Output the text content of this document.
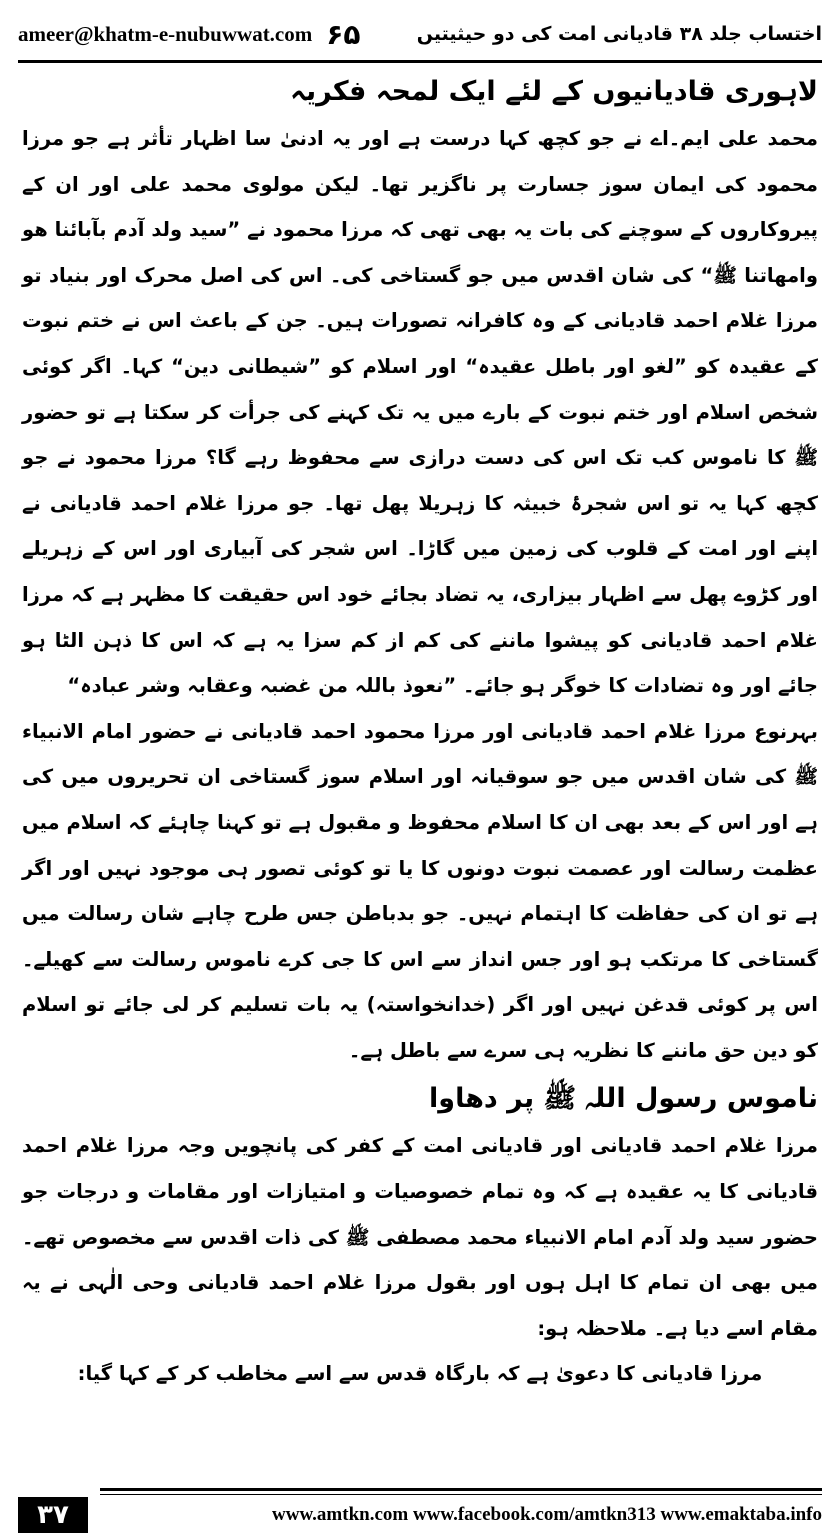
ameer@khatm-e-nubuwwat.com ۶۵	اختساب جلد ۳۸ قادیانی امت کی دو حیثیتیں
لاہوری قادیانیوں کے لئے ایک لمحہ فکریہ

محمد علی ایم۔اے نے جو کچھ کہا درست ہے اور یہ ادنیٰ سا اظہار تأثر ہے جو مرزا محمود کی ایمان سوز جسارت پر ناگزیر تھا۔ لیکن مولوی محمد علی اور ان کے پیروکاروں کے سوچنے کی بات یہ بھی تھی کہ مرزا محمود نے ”سید ولد آدم بآبائنا ھو وامھاتنا ﷺ“ کی شان اقدس میں جو گستاخی کی۔ اس کی اصل محرک اور بنیاد تو مرزا غلام احمد قادیانی کے وہ کافرانہ تصورات ہیں۔ جن کے باعث اس نے ختم نبوت کے عقیدہ کو ”لغو اور باطل عقیدہ“ اور اسلام کو ”شیطانی دین“ کہا۔ اگر کوئی شخص اسلام اور ختم نبوت کے بارے میں یہ تک کہنے کی جرأت کر سکتا ہے تو حضور ﷺ کا ناموس کب تک اس کی دست درازی سے محفوظ رہے گا؟ مرزا محمود نے جو کچھ کہا یہ تو اس شجرۂ خبیثہ کا زہریلا پھل تھا۔ جو مرزا غلام احمد قادیانی نے اپنے اور امت کے قلوب کی زمین میں گاڑا۔ اس شجر کی آبیاری اور اس کے زہریلے اور کڑوے پھل سے اظہار بیزاری، یہ تضاد بجائے خود اس حقیقت کا مظہر ہے کہ مرزا غلام احمد قادیانی کو پیشوا ماننے کی کم از کم سزا یہ ہے کہ اس کا ذہن الٹا ہو جائے اور وہ تضادات کا خوگر ہو جائے۔ ”نعوذ باللہ من غضبہ وعقابہ وشر عبادہ“

بہرنوع مرزا غلام احمد قادیانی اور مرزا محمود احمد قادیانی نے حضور امام الانبیاء ﷺ کی شان اقدس میں جو سوقیانہ اور اسلام سوز گستاخی ان تحریروں میں کی ہے اور اس کے بعد بھی ان کا اسلام محفوظ و مقبول ہے تو کہنا چاہئے کہ اسلام میں عظمت رسالت اور عصمت نبوت دونوں کا یا تو کوئی تصور ہی موجود نہیں اور اگر ہے تو ان کی حفاظت کا اہتمام نہیں۔ جو بدباطن جس طرح چاہے شان رسالت میں گستاخی کا مرتکب ہو اور جس انداز سے اس کا جی کرے ناموس رسالت سے کھیلے۔ اس پر کوئی قدغن نہیں اور اگر (خدانخواستہ) یہ بات تسلیم کر لی جائے تو اسلام کو دین حق ماننے کا نظریہ ہی سرے سے باطل ہے۔

ناموس رسول اللہ ﷺ پر دھاوا

مرزا غلام احمد قادیانی اور قادیانی امت کے کفر کی پانچویں وجہ مرزا غلام احمد قادیانی کا یہ عقیدہ ہے کہ وہ تمام خصوصیات و امتیازات اور مقامات و درجات جو حضور سید ولد آدم امام الانبیاء محمد مصطفی ﷺ کی ذات اقدس سے مخصوص تھے۔ میں بھی ان تمام کا اہل ہوں اور بقول مرزا غلام احمد قادیانی وحی الٰہی نے یہ مقام اسے دیا ہے۔ ملاحظہ ہو:

مرزا قادیانی کا دعویٰ ہے کہ بارگاہ قدس سے اسے مخاطب کر کے کہا گیا:

۳۷	www.amtkn.com www.facebook.com/amtkn313 www.emaktaba.info
